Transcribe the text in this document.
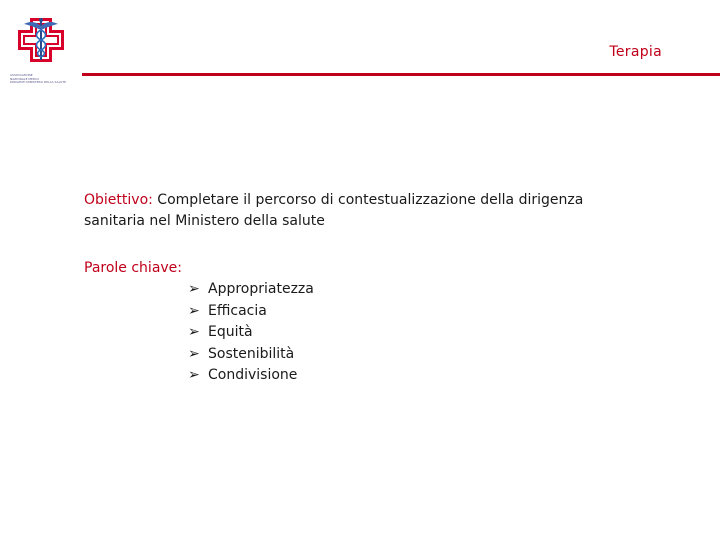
ASSOCIAZIONE
NAZIONALE MEDICI
DIRIGENTI MINISTERO DELLA SALUTE
Terapia

Obiettivo: Completare il percorso di contestualizzazione della dirigenza sanitaria nel Ministero della salute

Parole chiave:

➢ Appropriatezza
➢ Efficacia
➢ Equità
➢ Sostenibilità
➢ Condivisione
